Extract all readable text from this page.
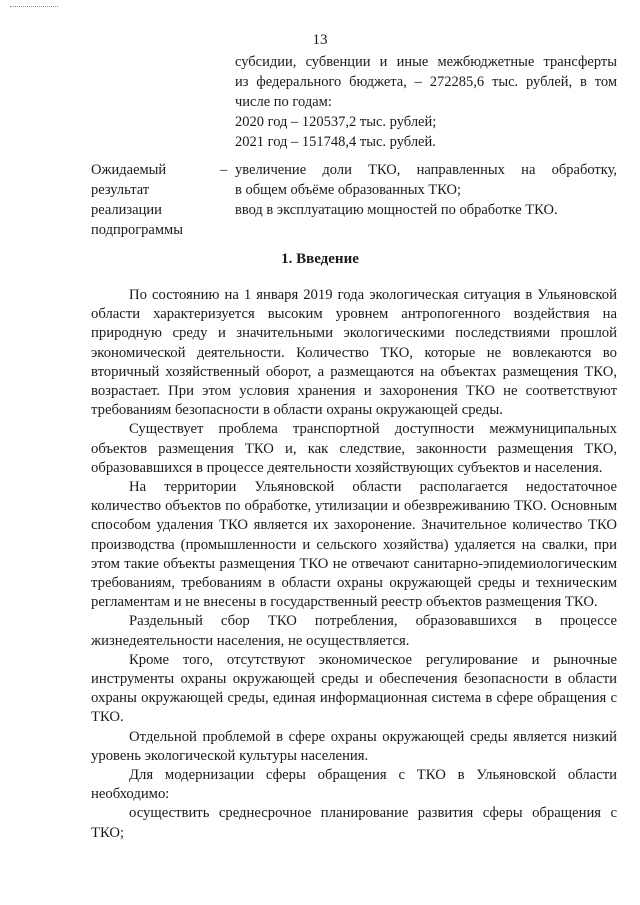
13
субсидии, субвенции и иные межбюджетные трансферты
из федерального бюджета, – 272285,6 тыс. рублей, в том
числе по годам:
2020 год – 120537,2 тыс. рублей;
2021 год – 151748,4 тыс. рублей.
Ожидаемый
результат
реализации
подпрограммы
– увеличение доли ТКО, направленных на обработку,
в общем объёме образованных ТКО;
ввод в эксплуатацию мощностей по обработке ТКО.
1. Введение

По состоянию на 1 января 2019 года экологическая ситуация в Ульяновской области характеризуется высоким уровнем антропогенного воздействия на природную среду и значительными экологическими последствиями прошлой экономической деятельности. Количество ТКО, которые не вовлекаются во вторичный хозяйственный оборот, а размещаются на объектах размещения ТКО, возрастает. При этом условия хранения и захоронения ТКО не соответствуют требованиям безопасности в области охраны окружающей среды.

Существует проблема транспортной доступности межмуниципальных объектов размещения ТКО и, как следствие, законности размещения ТКО, образовавшихся в процессе деятельности хозяйствующих субъектов и населения.

На территории Ульяновской области располагается недостаточное количество объектов по обработке, утилизации и обезвреживанию ТКО. Основным способом удаления ТКО является их захоронение. Значительное количество ТКО производства (промышленности и сельского хозяйства) удаляется на свалки, при этом такие объекты размещения ТКО не отвечают санитарно-эпидемиологическим требованиям, требованиям в области охраны окружающей среды и техническим регламентам и не внесены в государственный реестр объектов размещения ТКО.

Раздельный сбор ТКО потребления, образовавшихся в процессе жизнедеятельности населения, не осуществляется.

Кроме того, отсутствуют экономическое регулирование и рыночные инструменты охраны окружающей среды и обеспечения безопасности в области охраны окружающей среды, единая информационная система в сфере обращения с ТКО.

Отдельной проблемой в сфере охраны окружающей среды является низкий уровень экологической культуры населения.

Для модернизации сферы обращения с ТКО в Ульяновской области необходимо:

осуществить среднесрочное планирование развития сферы обращения с ТКО;
